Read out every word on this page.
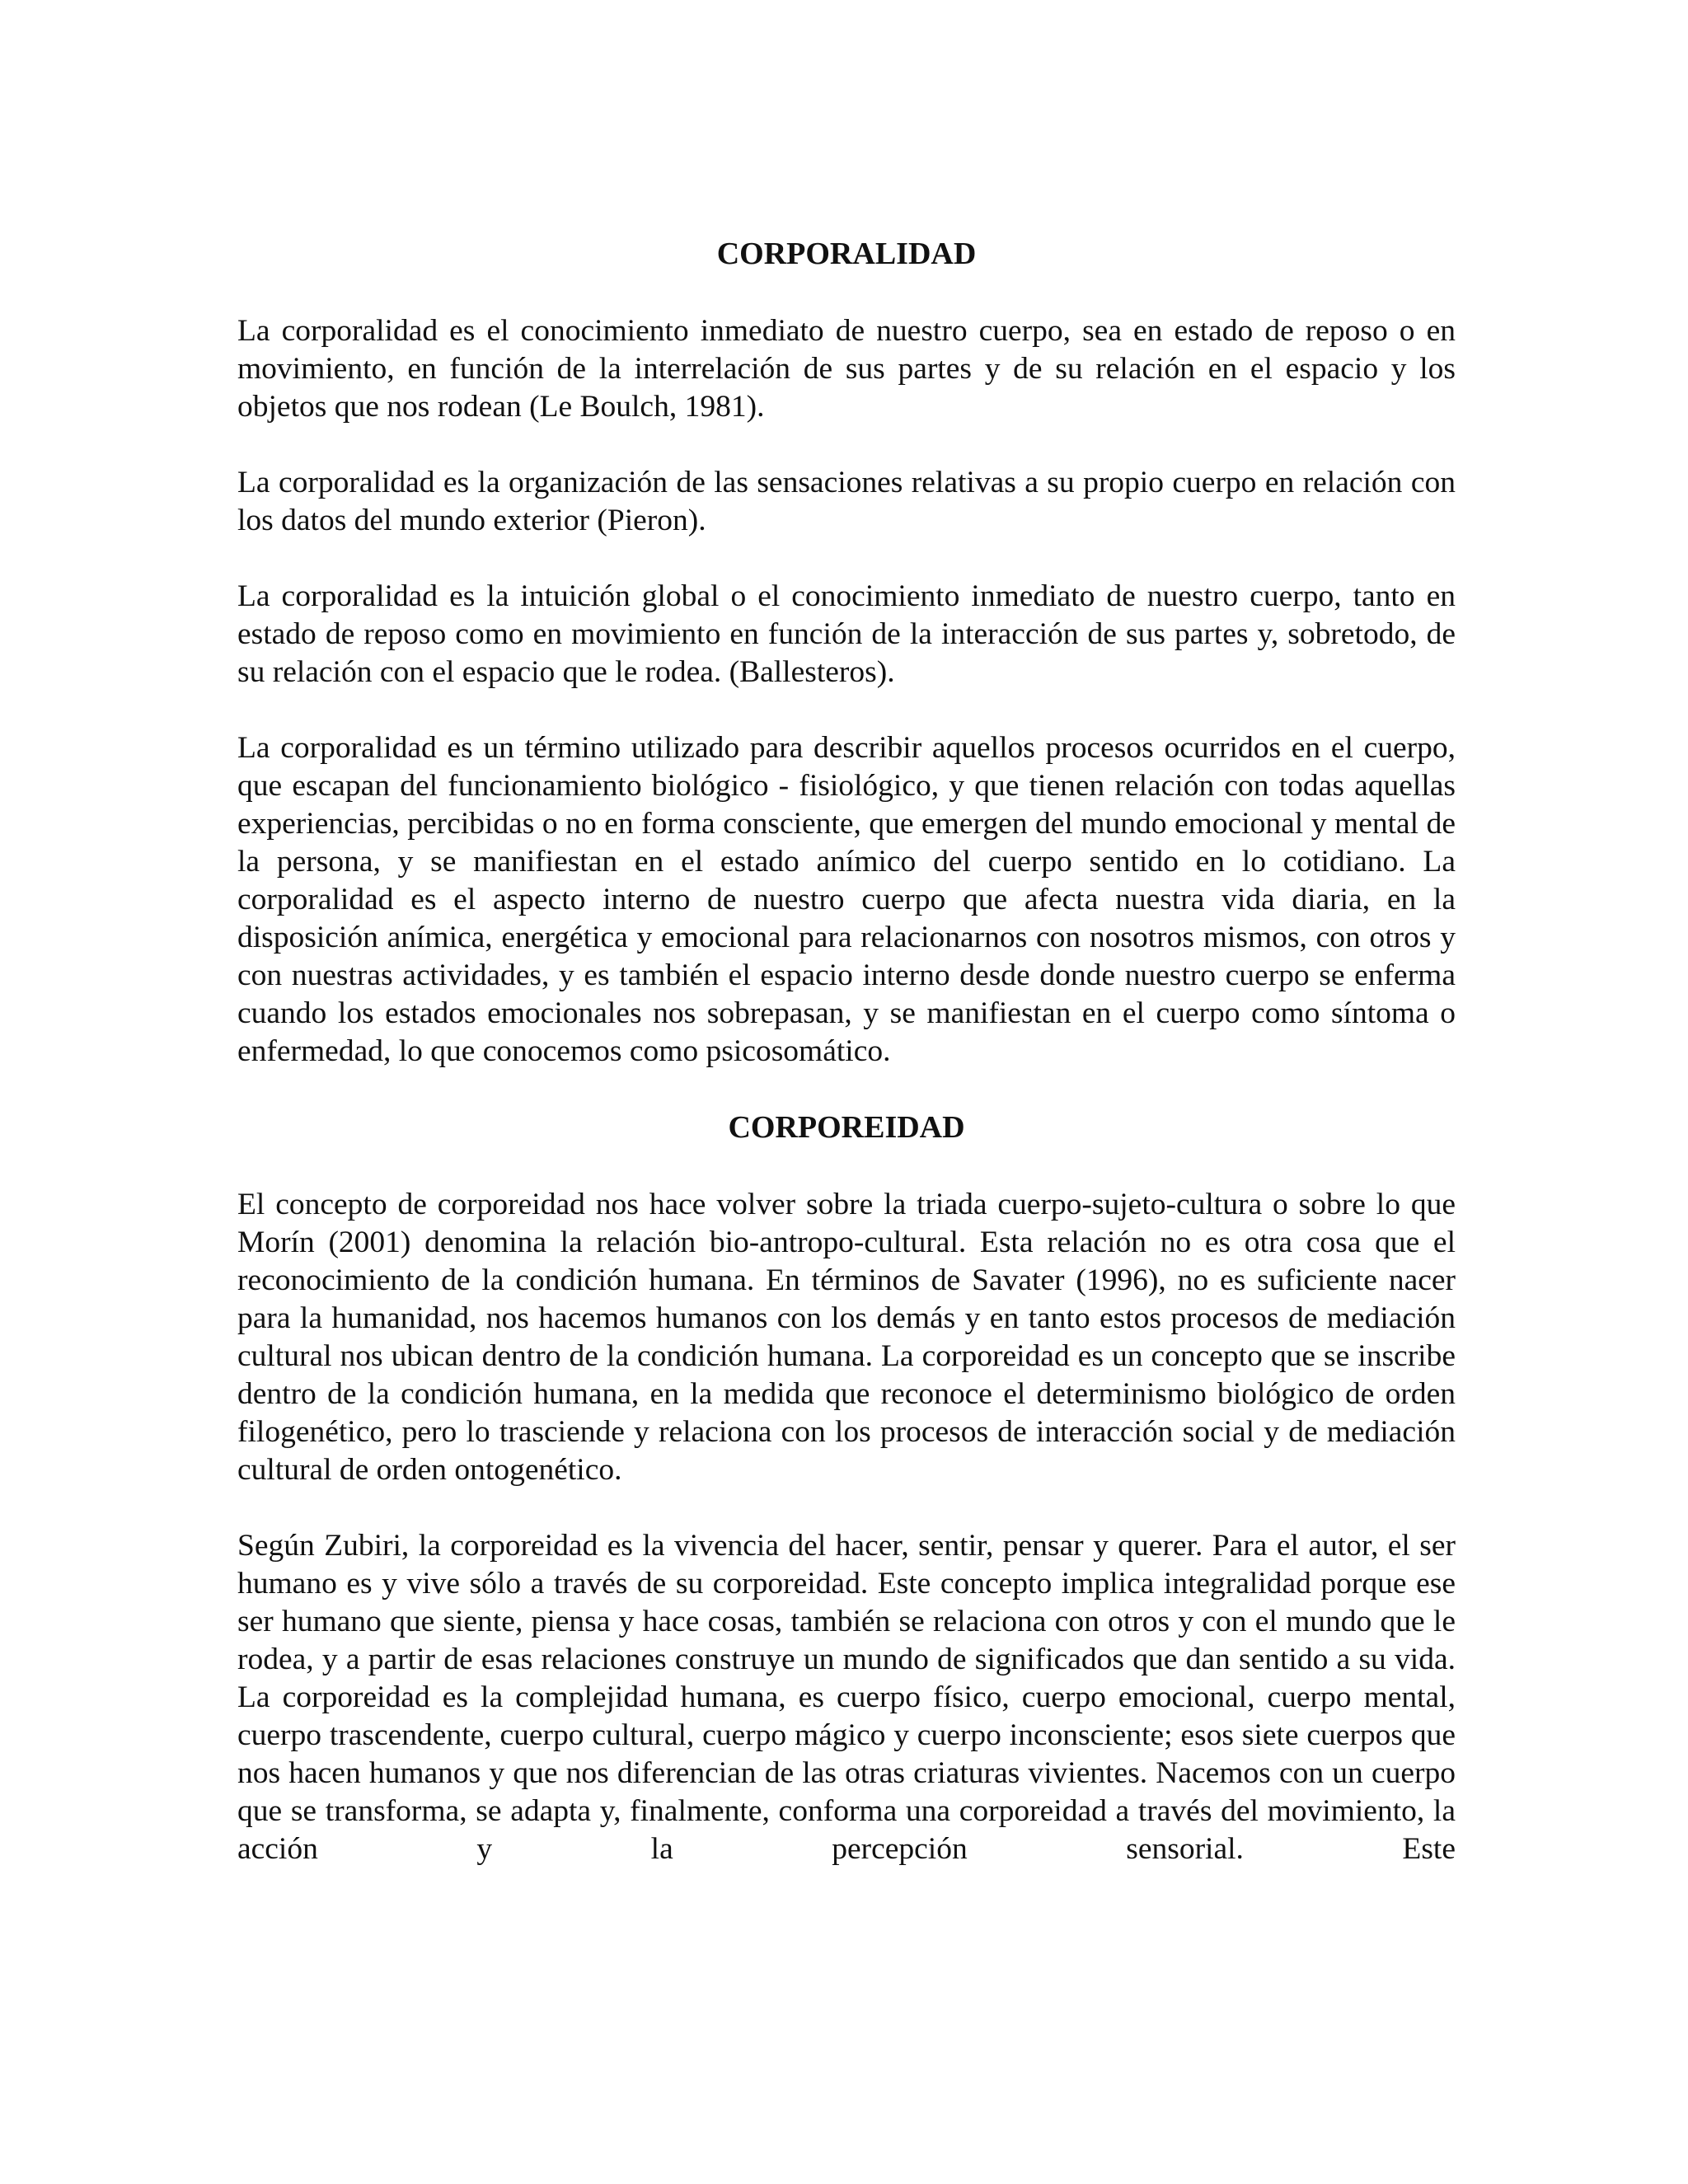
CORPORALIDAD

La corporalidad es el conocimiento inmediato de nuestro cuerpo, sea en estado de reposo o en movimiento, en función de la interrelación de sus partes y de su relación en el espacio y los objetos que nos rodean (Le Boulch, 1981).

La corporalidad es la organización de las sensaciones relativas a su propio cuerpo en relación con los datos del mundo exterior (Pieron).

La corporalidad es la intuición global o el conocimiento inmediato de nuestro cuerpo, tanto en estado de reposo como en movimiento en función de la interacción de sus partes y, sobretodo, de su relación con el espacio que le rodea. (Ballesteros).

La corporalidad es un término utilizado para describir aquellos procesos ocurridos en el cuerpo, que escapan del funcionamiento biológico - fisiológico, y que tienen relación con todas aquellas experiencias, percibidas o no en forma consciente, que emergen del mundo emocional y mental de la persona, y se manifiestan en el estado anímico del cuerpo sentido en lo cotidiano. La corporalidad es el aspecto interno de nuestro cuerpo que afecta nuestra vida diaria, en la disposición anímica, energética y emocional para relacionarnos con nosotros mismos, con otros y con nuestras actividades, y es también el espacio interno desde donde nuestro cuerpo se enferma cuando los estados emocionales nos sobrepasan, y se manifiestan en el cuerpo como síntoma o enfermedad, lo que conocemos como psicosomático.

CORPOREIDAD

El concepto de corporeidad nos hace volver sobre la triada cuerpo-sujeto-cultura o sobre lo que Morín (2001) denomina la relación bio-antropo-cultural. Esta relación no es otra cosa que el reconocimiento de la condición humana. En términos de Savater (1996), no es suficiente nacer para la humanidad, nos hacemos humanos con los demás y en tanto estos procesos de mediación cultural nos ubican dentro de la condición humana. La corporeidad es un concepto que se inscribe dentro de la condición humana, en la medida que reconoce el determinismo biológico de orden filogenético, pero lo trasciende y relaciona con los procesos de interacción social y de mediación cultural de orden ontogenético.

Según Zubiri, la corporeidad es la vivencia del hacer, sentir, pensar y querer. Para el autor, el ser humano es y vive sólo a través de su corporeidad. Este concepto implica integralidad porque ese ser humano que siente, piensa y hace cosas, también se relaciona con otros y con el mundo que le rodea, y a partir de esas relaciones construye un mundo de significados que dan sentido a su vida. La corporeidad es la complejidad humana, es cuerpo físico, cuerpo emocional, cuerpo mental, cuerpo trascendente, cuerpo cultural, cuerpo mágico y cuerpo inconsciente; esos siete cuerpos que nos hacen humanos y que nos diferencian de las otras criaturas vivientes. Nacemos con un cuerpo que se transforma, se adapta y, finalmente, conforma una corporeidad a través del movimiento, la acción y la percepción sensorial. Este
